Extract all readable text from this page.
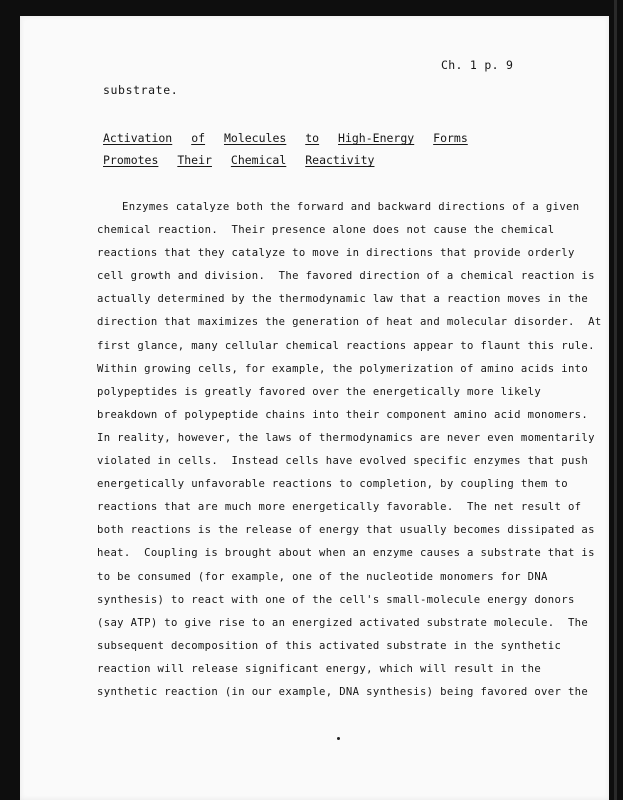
Ch. 1 p. 9

substrate.

Activation of Molecules to High-Energy Forms Promotes Their Chemical Reactivity

Enzymes catalyze both the forward and backward directions of a given
chemical reaction.  Their presence alone does not cause the chemical
reactions that they catalyze to move in directions that provide orderly
cell growth and division.  The favored direction of a chemical reaction is
actually determined by the thermodynamic law that a reaction moves in the
direction that maximizes the generation of heat and molecular disorder.  At
first glance, many cellular chemical reactions appear to flaunt this rule.
Within growing cells, for example, the polymerization of amino acids into
polypeptides is greatly favored over the energetically more likely
breakdown of polypeptide chains into their component amino acid monomers.
In reality, however, the laws of thermodynamics are never even momentarily
violated in cells.  Instead cells have evolved specific enzymes that push
energetically unfavorable reactions to completion, by coupling them to
reactions that are much more energetically favorable.  The net result of
both reactions is the release of energy that usually becomes dissipated as
heat.  Coupling is brought about when an enzyme causes a substrate that is
to be consumed (for example, one of the nucleotide monomers for DNA
synthesis) to react with one of the cell's small-molecule energy donors
(say ATP) to give rise to an energized activated substrate molecule.  The
subsequent decomposition of this activated substrate in the synthetic
reaction will release significant energy, which will result in the
synthetic reaction (in our example, DNA synthesis) being favored over the
